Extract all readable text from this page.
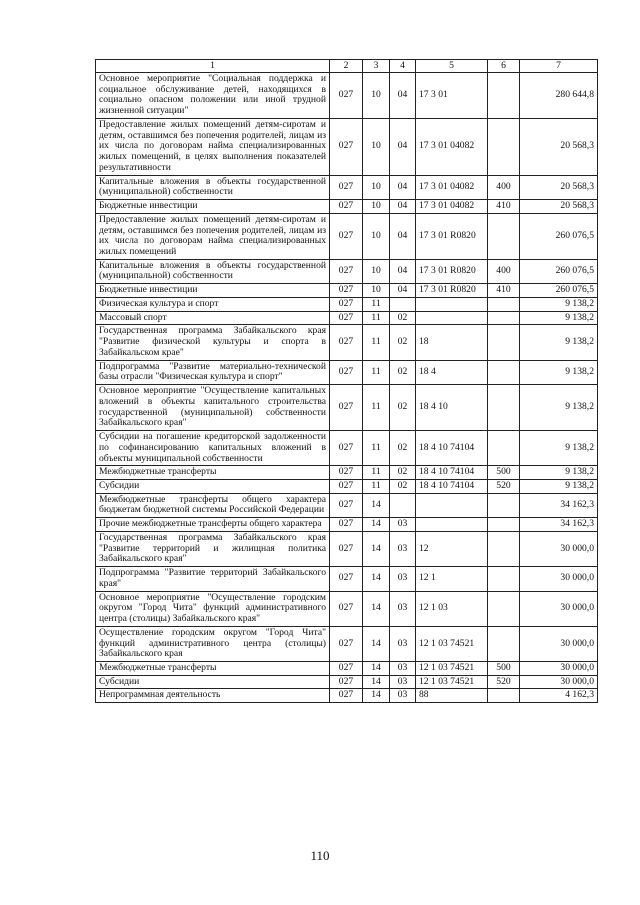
1	2	3	4	5	6	7
Основное мероприятие "Социальная поддержка и социальное обслуживание детей, находящихся в социально опасном положении или иной трудной жизненной ситуации"	027	10	04	17 3 01		280 644,8
Предоставление жилых помещений детям-сиротам и детям, оставшимся без попечения родителей, лицам из их числа по договорам найма специализированных жилых помещений, в целях выполнения показателей результативности	027	10	04	17 3 01 04082		20 568,3
Капитальные вложения в объекты государственной (муниципальной) собственности	027	10	04	17 3 01 04082	400	20 568,3
Бюджетные инвестиции	027	10	04	17 3 01 04082	410	20 568,3
Предоставление жилых помещений детям-сиротам и детям, оставшимся без попечения родителей, лицам из их числа по договорам найма специализированных жилых помещений	027	10	04	17 3 01 R0820		260 076,5
Капитальные вложения в объекты государственной (муниципальной) собственности	027	10	04	17 3 01 R0820	400	260 076,5
Бюджетные инвестиции	027	10	04	17 3 01 R0820	410	260 076,5
Физическая культура и спорт	027	11				9 138,2
Массовый спорт	027	11	02			9 138,2
Государственная программа Забайкальского края "Развитие физической культуры и спорта в Забайкальском крае"	027	11	02	18		9 138,2
Подпрограмма "Развитие материально-технической базы отрасли "Физическая культура и спорт"	027	11	02	18 4		9 138,2
Основное мероприятие "Осуществление капитальных вложений в объекты капитального строительства государственной (муниципальной) собственности Забайкальского края"	027	11	02	18 4 10		9 138,2
Субсидии на погашение кредиторской задолженности по софинансированию капитальных вложений в объекты муниципальной собственности	027	11	02	18 4 10 74104		9 138,2
Межбюджетные трансферты	027	11	02	18 4 10 74104	500	9 138,2
Субсидии	027	11	02	18 4 10 74104	520	9 138,2
Межбюджетные трансферты общего характера бюджетам бюджетной системы Российской Федерации	027	14				34 162,3
Прочие межбюджетные трансферты общего характера	027	14	03			34 162,3
Государственная программа Забайкальского края "Развитие территорий и жилищная политика Забайкальского края"	027	14	03	12		30 000,0
Подпрограмма "Развитие территорий Забайкальского края"	027	14	03	12 1		30 000,0
Основное мероприятие "Осуществление городским округом "Город Чита" функций административного центра (столицы) Забайкальского края"	027	14	03	12 1 03		30 000,0
Осуществление городским округом "Город Чита" функций административного центра (столицы) Забайкальского края	027	14	03	12 1 03 74521		30 000,0
Межбюджетные трансферты	027	14	03	12 1 03 74521	500	30 000,0
Субсидии	027	14	03	12 1 03 74521	520	30 000,0
Непрограммная деятельность	027	14	03	88		4 162,3
110
